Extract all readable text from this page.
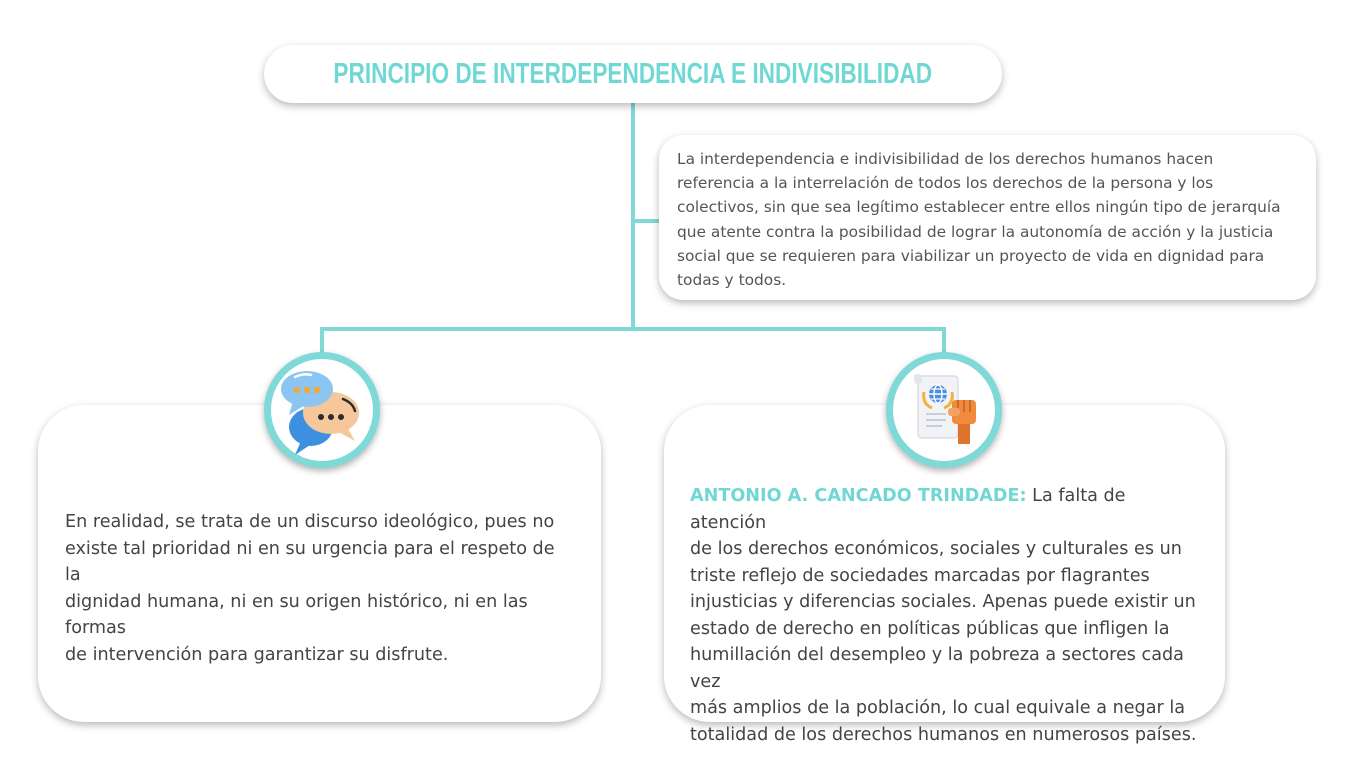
PRINCIPIO DE INTERDEPENDENCIA E INDIVISIBILIDAD
La interdependencia e indivisibilidad de los derechos humanos hacen
referencia a la interrelación de todos los derechos de la persona y los
colectivos, sin que sea legítimo establecer entre ellos ningún tipo de jerarquía
que atente contra la posibilidad de lograr la autonomía de acción y la justicia
social que se requieren para viabilizar un proyecto de vida en dignidad para
todas y todos.
En realidad, se trata de un discurso ideológico, pues no
existe tal prioridad ni en su urgencia para el respeto de la
dignidad humana, ni en su origen histórico, ni en las formas
de intervención para garantizar su disfrute.
ANTONIO A. CANCADO TRINDADE: La falta de atención
de los derechos económicos, sociales y culturales es un
triste reflejo de sociedades marcadas por flagrantes
injusticias y diferencias sociales. Apenas puede existir un
estado de derecho en políticas públicas que infligen la
humillación del desempleo y la pobreza a sectores cada vez
más amplios de la población, lo cual equivale a negar la
totalidad de los derechos humanos en numerosos países.
